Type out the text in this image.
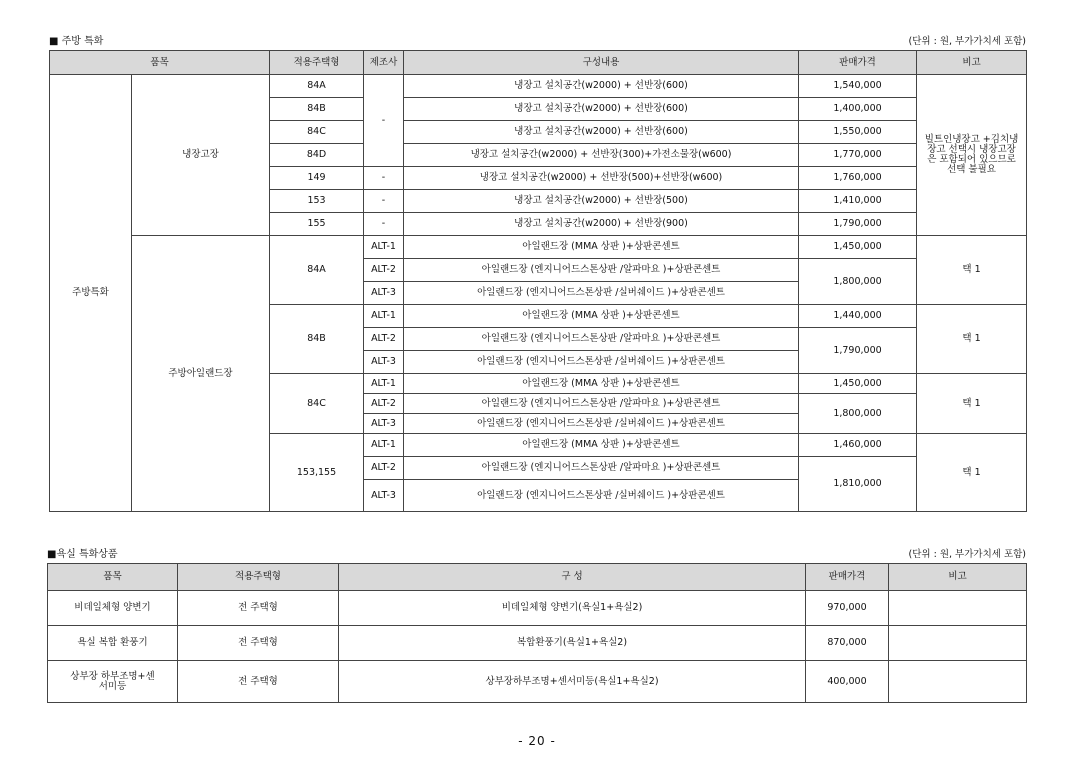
■ 주방 특화	(단위 : 원, 부가가치세 포함)
품목		적용주택형	제조사	구성내용	판매가격	비고
주방특화	냉장고장	84A	-	냉장고 설치공간(w2000) + 선반장(600)	1,540,000	빌트인냉장고 +김치냉장고 선택시 냉장고장은 포함되어 있으므로 선택 불필요
		84B		냉장고 설치공간(w2000) + 선반장(600)	1,400,000	
		84C		냉장고 설치공간(w2000) + 선반장(600)	1,550,000	
		84D		냉장고 설치공간(w2000) + 선반장(300)+가전소물장(w600)	1,770,000	
		149	-	냉장고 설치공간(w2000) + 선반장(500)+선반장(w600)	1,760,000	
		153	-	냉장고 설치공간(w2000) + 선반장(500)	1,410,000	
		155	-	냉장고 설치공간(w2000) + 선반장(900)	1,790,000	
	주방아일랜드장	84A	ALT-1	아일랜드장 (MMA 상판 )+상판콘센트	1,450,000	택 1
			ALT-2	아일랜드장 (엔지니어드스톤상판 /알파마요 )+상판콘센트	1,800,000	
			ALT-3	아일랜드장 (엔지니어드스톤상판 /실버쉐이드 )+상판콘센트		
		84B	ALT-1	아일랜드장 (MMA 상판 )+상판콘센트	1,440,000	택 1
			ALT-2	아일랜드장 (엔지니어드스톤상판 /알파마요 )+상판콘센트	1,790,000	
			ALT-3	아일랜드장 (엔지니어드스톤상판 /실버쉐이드 )+상판콘센트		
		84C	ALT-1	아일랜드장 (MMA 상판 )+상판콘센트	1,450,000	택 1
			ALT-2	아일랜드장 (엔지니어드스톤상판 /알파마요 )+상판콘센트	1,800,000	
			ALT-3	아일랜드장 (엔지니어드스톤상판 /실버쉐이드 )+상판콘센트		
		153,155	ALT-1	아일랜드장 (MMA 상판 )+상판콘센트	1,460,000	택 1
			ALT-2	아일랜드장 (엔지니어드스톤상판 /알파마요 )+상판콘센트	1,810,000	
			ALT-3	아일랜드장 (엔지니어드스톤상판 /실버쉐이드 )+상판콘센트		
■욕실 특화상품	(단위 : 원, 부가가치세 포함)
품목	적용주택형	구 성	판매가격	비고
비데일체형 양변기	전 주택형	비데일체형 양변기(욕실1+욕실2)	970,000	
욕실 복합 환풍기	전 주택형	복합환풍기(욕실1+욕실2)	870,000	
상부장 하부조명+센서미등	전 주택형	상부장하부조명+센서미등(욕실1+욕실2)	400,000	
- 20 -
